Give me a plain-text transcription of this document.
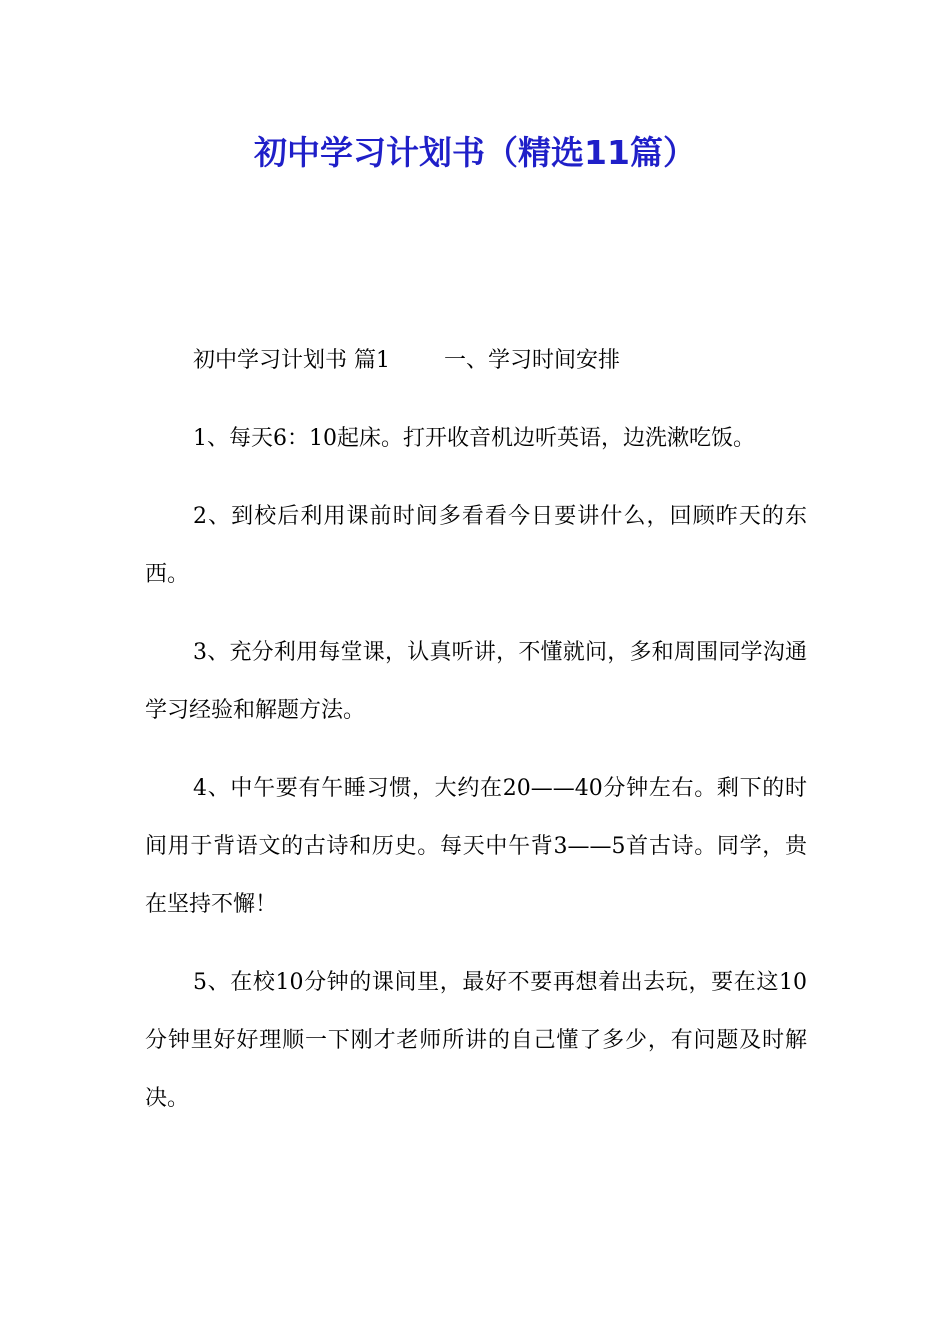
初中学习计划书（精选11篇）

初中学习计划书 篇1 一、学习时间安排

1、每天6：10起床。打开收音机边听英语，边洗漱吃饭。

2、到校后利用课前时间多看看今日要讲什么，回顾昨天的东西。

3、充分利用每堂课，认真听讲，不懂就问，多和周围同学沟通学习经验和解题方法。

4、中午要有午睡习惯，大约在20——40分钟左右。剩下的时间用于背语文的古诗和历史。每天中午背3——5首古诗。同学，贵在坚持不懈！

5、在校10分钟的课间里，最好不要再想着出去玩，要在这10分钟里好好理顺一下刚才老师所讲的自己懂了多少，有问题及时解决。
